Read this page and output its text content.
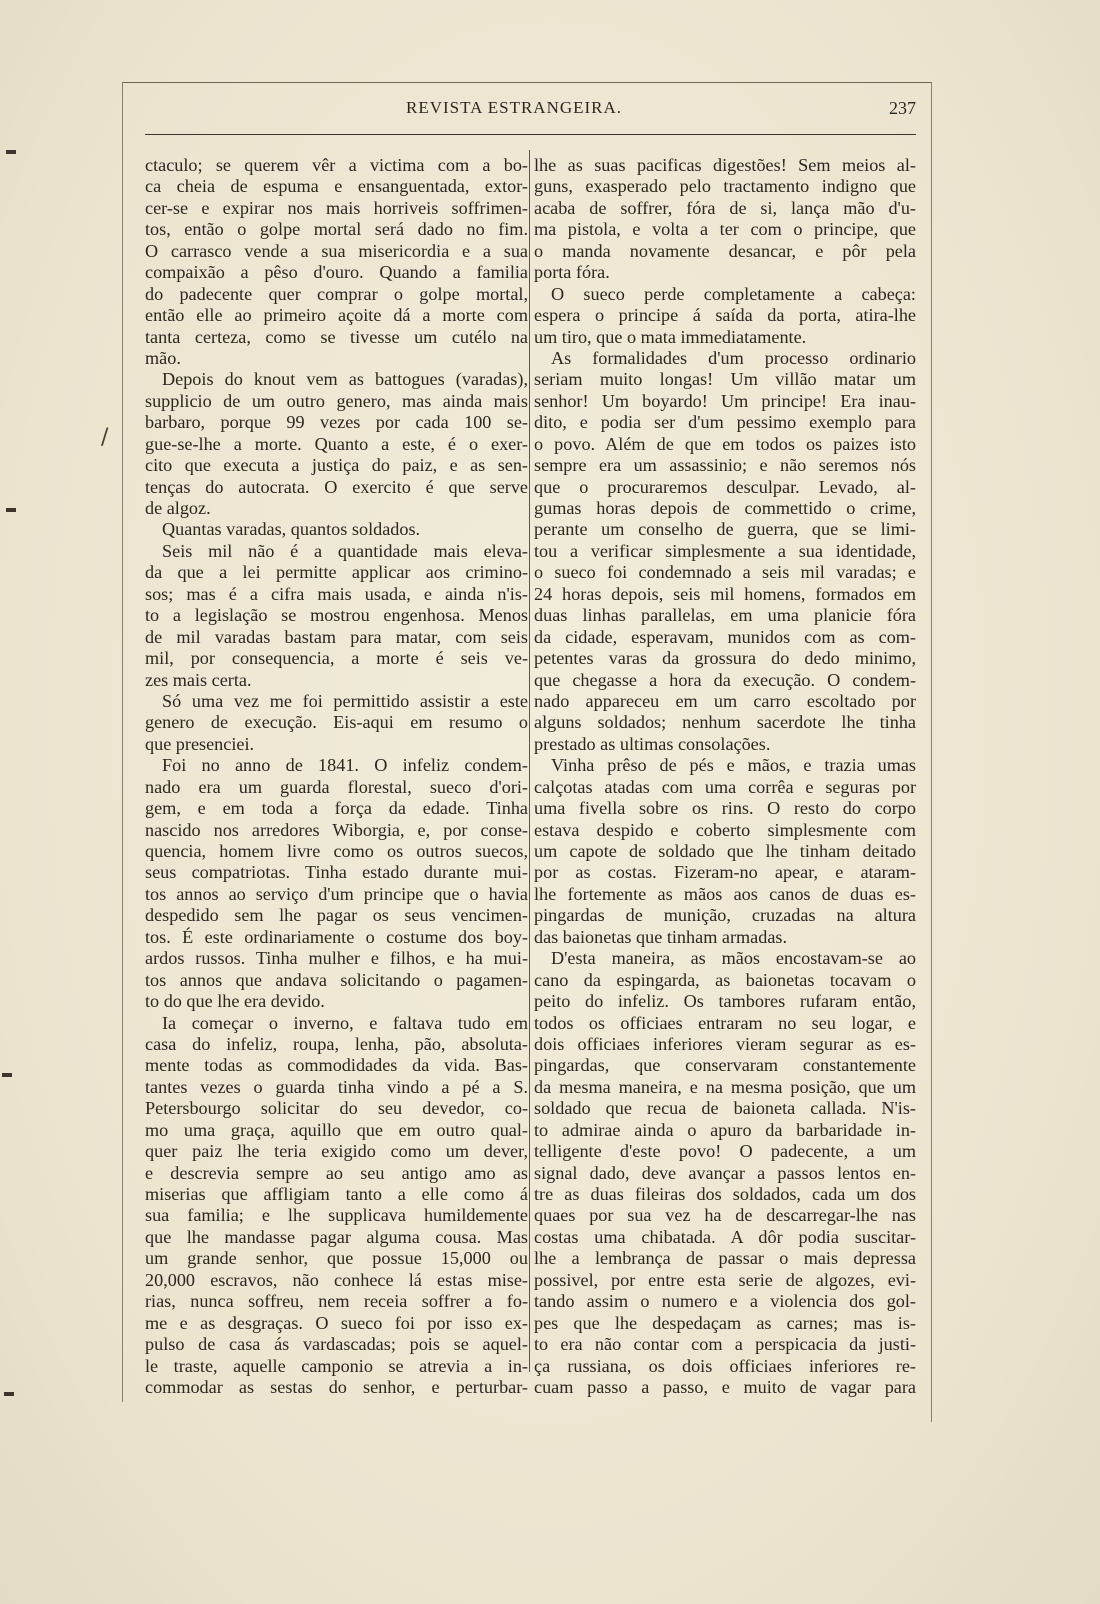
REVISTA ESTRANGEIRA.	237
/
ctaculo; se querem vêr a victima com a bo-
ca cheia de espuma e ensanguentada, extor-
cer-se e expirar nos mais horriveis soffrimen-
tos, então o golpe mortal será dado no fim.
O carrasco vende a sua misericordia e a sua
compaixão a pêso d'ouro. Quando a familia
do padecente quer comprar o golpe mortal,
então elle ao primeiro açoite dá a morte com
tanta certeza, como se tivesse um cutélo na
mão.
Depois do knout vem as battogues (varadas),
supplicio de um outro genero, mas ainda mais
barbaro, porque 99 vezes por cada 100 se-
gue-se-lhe a morte. Quanto a este, é o exer-
cito que executa a justiça do paiz, e as sen-
tenças do autocrata. O exercito é que serve
de algoz.
Quantas varadas, quantos soldados.
Seis mil não é a quantidade mais eleva-
da que a lei permitte applicar aos crimino-
sos; mas é a cifra mais usada, e ainda n'is-
to a legislação se mostrou engenhosa. Menos
de mil varadas bastam para matar, com seis
mil, por consequencia, a morte é seis ve-
zes mais certa.
Só uma vez me foi permittido assistir a este
genero de execução. Eis-aqui em resumo o
que presenciei.
Foi no anno de 1841. O infeliz condem-
nado era um guarda florestal, sueco d'ori-
gem, e em toda a força da edade. Tinha
nascido nos arredores Wiborgia, e, por conse-
quencia, homem livre como os outros suecos,
seus compatriotas. Tinha estado durante mui-
tos annos ao serviço d'um principe que o havia
despedido sem lhe pagar os seus vencimen-
tos. É este ordinariamente o costume dos boy-
ardos russos. Tinha mulher e filhos, e ha mui-
tos annos que andava solicitando o pagamen-
to do que lhe era devido.
Ia começar o inverno, e faltava tudo em
casa do infeliz, roupa, lenha, pão, absoluta-
mente todas as commodidades da vida. Bas-
tantes vezes o guarda tinha vindo a pé a S.
Petersbourgo solicitar do seu devedor, co-
mo uma graça, aquillo que em outro qual-
quer paiz lhe teria exigido como um dever,
e descrevia sempre ao seu antigo amo as
miserias que affligiam tanto a elle como á
sua familia; e lhe supplicava humildemente
que lhe mandasse pagar alguma cousa. Mas
um grande senhor, que possue 15,000 ou
20,000 escravos, não conhece lá estas mise-
rias, nunca soffreu, nem receia soffrer a fo-
me e as desgraças. O sueco foi por isso ex-
pulso de casa ás vardascadas; pois se aquel-
le traste, aquelle camponio se atrevia a in-
commodar as sestas do senhor, e perturbar-
lhe as suas pacificas digestões! Sem meios al-
guns, exasperado pelo tractamento indigno que
acaba de soffrer, fóra de si, lança mão d'u-
ma pistola, e volta a ter com o principe, que
o manda novamente desancar, e pôr pela
porta fóra.
O sueco perde completamente a cabeça:
espera o principe á saída da porta, atira-lhe
um tiro, que o mata immediatamente.
As formalidades d'um processo ordinario
seriam muito longas! Um villão matar um
senhor! Um boyardo! Um principe! Era inau-
dito, e podia ser d'um pessimo exemplo para
o povo. Além de que em todos os paizes isto
sempre era um assassinio; e não seremos nós
que o procuraremos desculpar. Levado, al-
gumas horas depois de commettido o crime,
perante um conselho de guerra, que se limi-
tou a verificar simplesmente a sua identidade,
o sueco foi condemnado a seis mil varadas; e
24 horas depois, seis mil homens, formados em
duas linhas parallelas, em uma planicie fóra
da cidade, esperavam, munidos com as com-
petentes varas da grossura do dedo minimo,
que chegasse a hora da execução. O condem-
nado appareceu em um carro escoltado por
alguns soldados; nenhum sacerdote lhe tinha
prestado as ultimas consolações.
Vinha prêso de pés e mãos, e trazia umas
calçotas atadas com uma corrêa e seguras por
uma fivella sobre os rins. O resto do corpo
estava despido e coberto simplesmente com
um capote de soldado que lhe tinham deitado
por as costas. Fizeram-no apear, e ataram-
lhe fortemente as mãos aos canos de duas es-
pingardas de munição, cruzadas na altura
das baionetas que tinham armadas.
D'esta maneira, as mãos encostavam-se ao
cano da espingarda, as baionetas tocavam o
peito do infeliz. Os tambores rufaram então,
todos os officiaes entraram no seu logar, e
dois officiaes inferiores vieram segurar as es-
pingardas, que conservaram constantemente
da mesma maneira, e na mesma posição, que um
soldado que recua de baioneta callada. N'is-
to admirae ainda o apuro da barbaridade in-
telligente d'este povo! O padecente, a um
signal dado, deve avançar a passos lentos en-
tre as duas fileiras dos soldados, cada um dos
quaes por sua vez ha de descarregar-lhe nas
costas uma chibatada. A dôr podia suscitar-
lhe a lembrança de passar o mais depressa
possivel, por entre esta serie de algozes, evi-
tando assim o numero e a violencia dos gol-
pes que lhe despedaçam as carnes; mas is-
to era não contar com a perspicacia da justi-
ça russiana, os dois officiaes inferiores re-
cuam passo a passo, e muito de vagar para
